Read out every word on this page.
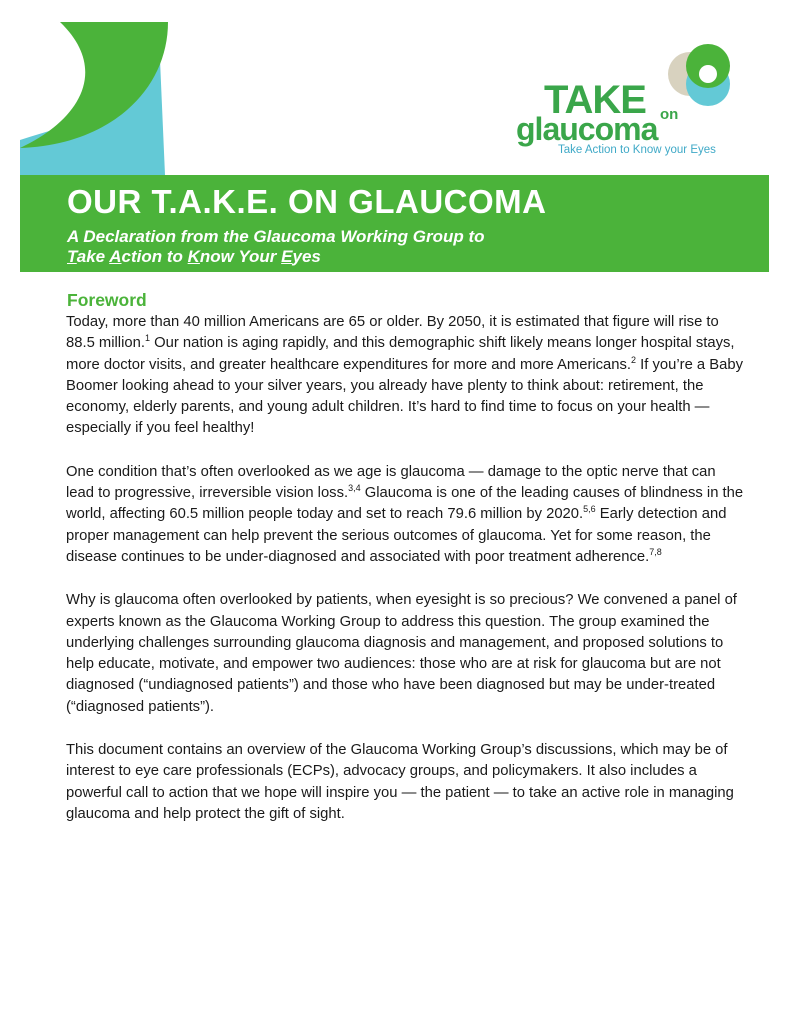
TAKE on
glaucoma
Take Action to Know your Eyes
OUR T.A.K.E. ON GLAUCOMA
A Declaration from the Glaucoma Working Group to
Take Action to Know Your Eyes
Foreword

Today, more than 40 million Americans are 65 or older. By 2050, it is estimated that figure will rise to 88.5 million.$^1$ Our nation is aging rapidly, and this demographic shift likely means longer hospital stays, more doctor visits, and greater healthcare expenditures for more and more Americans.$^2$ If you’re a Baby Boomer looking ahead to your silver years, you already have plenty to think about: retirement, the economy, elderly parents, and young adult children. It’s hard to find time to focus on your health — especially if you feel healthy!

One condition that’s often overlooked as we age is glaucoma — damage to the optic nerve that can lead to progressive, irreversible vision loss.$^{3,4}$ Glaucoma is one of the leading causes of blindness in the world, affecting 60.5 million people today and set to reach 79.6 million by 2020.$^{5,6}$ Early detection and proper management can help prevent the serious outcomes of glaucoma. Yet for some reason, the disease continues to be under-diagnosed and associated with poor treatment adherence.$^{7,8}$

Why is glaucoma often overlooked by patients, when eyesight is so precious? We convened a panel of experts known as the Glaucoma Working Group to address this question. The group examined the underlying challenges surrounding glaucoma diagnosis and management, and proposed solutions to help educate, motivate, and empower two audiences: those who are at risk for glaucoma but are not diagnosed (“undiagnosed patients”) and those who have been diagnosed but may be under-treated (“diagnosed patients”).

This document contains an overview of the Glaucoma Working Group’s discussions, which may be of interest to eye care professionals (ECPs), advocacy groups, and policymakers. It also includes a powerful call to action that we hope will inspire you — the patient — to take an active role in managing glaucoma and help protect the gift of sight.
